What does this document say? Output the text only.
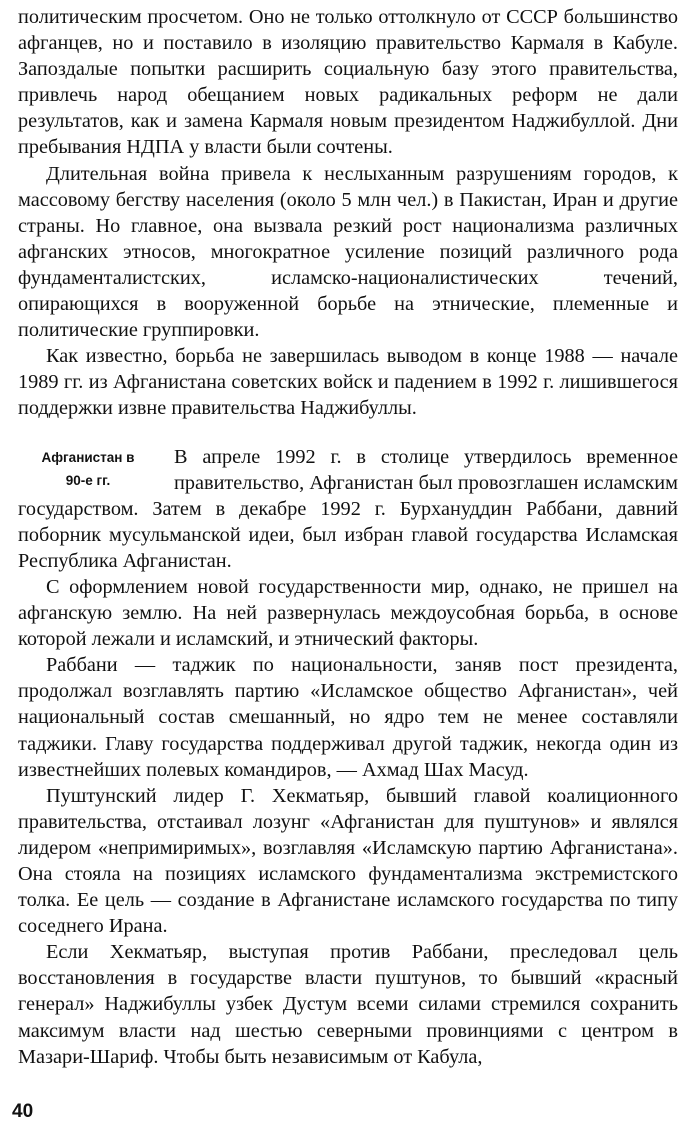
политическим просчетом. Оно не только оттолкнуло от СССР большинство афганцев, но и поставило в изоляцию правительство Кармаля в Кабуле. Запоздалые попытки расширить социальную базу этого правительства, привлечь народ обещанием новых радикальных реформ не дали результатов, как и замена Кармаля новым президентом Наджибуллой. Дни пребывания НДПА у власти были сочтены.

Длительная война привела к неслыханным разрушениям городов, к массовому бегству населения (около 5 млн чел.) в Пакистан, Иран и другие страны. Но главное, она вызвала резкий рост национализма различных афганских этносов, многократное усиление позиций различного рода фундаменталистских, исламско-националистических течений, опирающихся в вооруженной борьбе на этнические, племенные и политические группировки.

Как известно, борьба не завершилась выводом в конце 1988 — начале 1989 гг. из Афганистана советских войск и падением в 1992 г. лишившегося поддержки извне правительства Наджибуллы.

Афганистан в
90-е гг.

В апреле 1992 г. в столице утвердилось временное правительство, Афганистан был провозглашен исламским государством. Затем в декабре 1992 г. Бурхануддин Раббани, давний поборник мусульманской идеи, был избран главой государства Исламская Республика Афганистан.

С оформлением новой государственности мир, однако, не пришел на афганскую землю. На ней развернулась междоусобная борьба, в основе которой лежали и исламский, и этнический факторы.

Раббани — таджик по национальности, заняв пост президента, продолжал возглавлять партию «Исламское общество Афганистан», чей национальный состав смешанный, но ядро тем не менее составляли таджики. Главу государства поддерживал другой таджик, некогда один из известнейших полевых командиров, — Ахмад Шах Масуд.

Пуштунский лидер Г. Хекматьяр, бывший главой коалиционного правительства, отстаивал лозунг «Афганистан для пуштунов» и являлся лидером «непримиримых», возглавляя «Исламскую партию Афганистана». Она стояла на позициях исламского фундаментализма экстремистского толка. Ее цель — создание в Афганистане исламского государства по типу соседнего Ирана.

Если Хекматьяр, выступая против Раббани, преследовал цель восстановления в государстве власти пуштунов, то бывший «красный генерал» Наджибуллы узбек Дустум всеми силами стремился сохранить максимум власти над шестью северными провинциями с центром в Мазари-Шариф. Чтобы быть независимым от Кабула,

40
